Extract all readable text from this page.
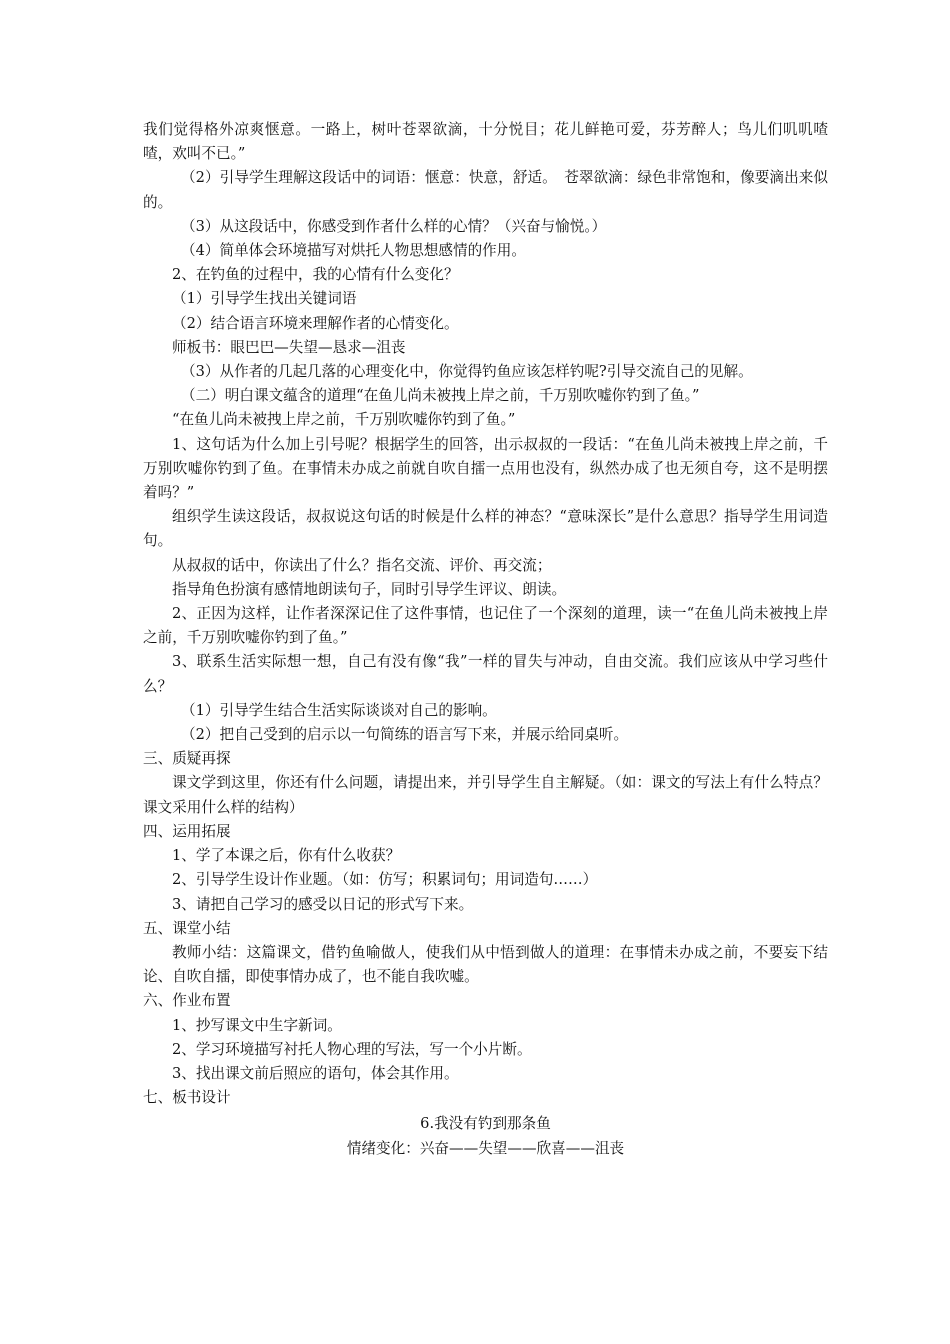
我们觉得格外凉爽惬意。一路上，树叶苍翠欲滴，十分悦目；花儿鲜艳可爱，芬芳醉人；鸟儿们叽叽喳喳，欢叫不已。”

（2）引导学生理解这段话中的词语：惬意：快意，舒适。　苍翠欲滴：绿色非常饱和，像要滴出来似的。

（3）从这段话中，你感受到作者什么样的心情？（兴奋与愉悦。）

（4）简单体会环境描写对烘托人物思想感情的作用。

2、在钓鱼的过程中，我的心情有什么变化？

（1）引导学生找出关键词语

（2）结合语言环境来理解作者的心情变化。

师板书：眼巴巴—失望—恳求—沮丧

（3）从作者的几起几落的心理变化中，你觉得钓鱼应该怎样钓呢?引导交流自己的见解。

（二）明白课文蕴含的道理“在鱼儿尚未被拽上岸之前，千万别吹嘘你钓到了鱼。”

“在鱼儿尚未被拽上岸之前，千万别吹嘘你钓到了鱼。”

1、这句话为什么加上引号呢？根据学生的回答，出示叔叔的一段话：“在鱼儿尚未被拽上岸之前，千万别吹嘘你钓到了鱼。在事情未办成之前就自吹自擂一点用也没有，纵然办成了也无须自夸，这不是明摆着吗？”

组织学生读这段话，叔叔说这句话的时候是什么样的神态？“意味深长”是什么意思？指导学生用词造句。

从叔叔的话中，你读出了什么？指名交流、评价、再交流；

指导角色扮演有感情地朗读句子，同时引导学生评议、朗读。

2、正因为这样，让作者深深记住了这件事情，也记住了一个深刻的道理，读一“在鱼儿尚未被拽上岸之前，千万别吹嘘你钓到了鱼。”

3、联系生活实际想一想，自己有没有像“我”一样的冒失与冲动，自由交流。我们应该从中学习些什么？

（1）引导学生结合生活实际谈谈对自己的影响。

（2）把自己受到的启示以一句简练的语言写下来，并展示给同桌听。

三、质疑再探

课文学到这里，你还有什么问题，请提出来，并引导学生自主解疑。（如：课文的写法上有什么特点？课文采用什么样的结构）

四、运用拓展

1、学了本课之后，你有什么收获？

2、引导学生设计作业题。（如：仿写；积累词句；用词造句……）

3、请把自己学习的感受以日记的形式写下来。

五、课堂小结

教师小结：这篇课文，借钓鱼喻做人，使我们从中悟到做人的道理：在事情未办成之前，不要妄下结论、自吹自擂，即使事情办成了，也不能自我吹嘘。

六、作业布置

1、抄写课文中生字新词。

2、学习环境描写衬托人物心理的写法，写一个小片断。

3、找出课文前后照应的语句，体会其作用。

七、板书设计

6.我没有钓到那条鱼

情绪变化：兴奋——失望——欣喜——沮丧
